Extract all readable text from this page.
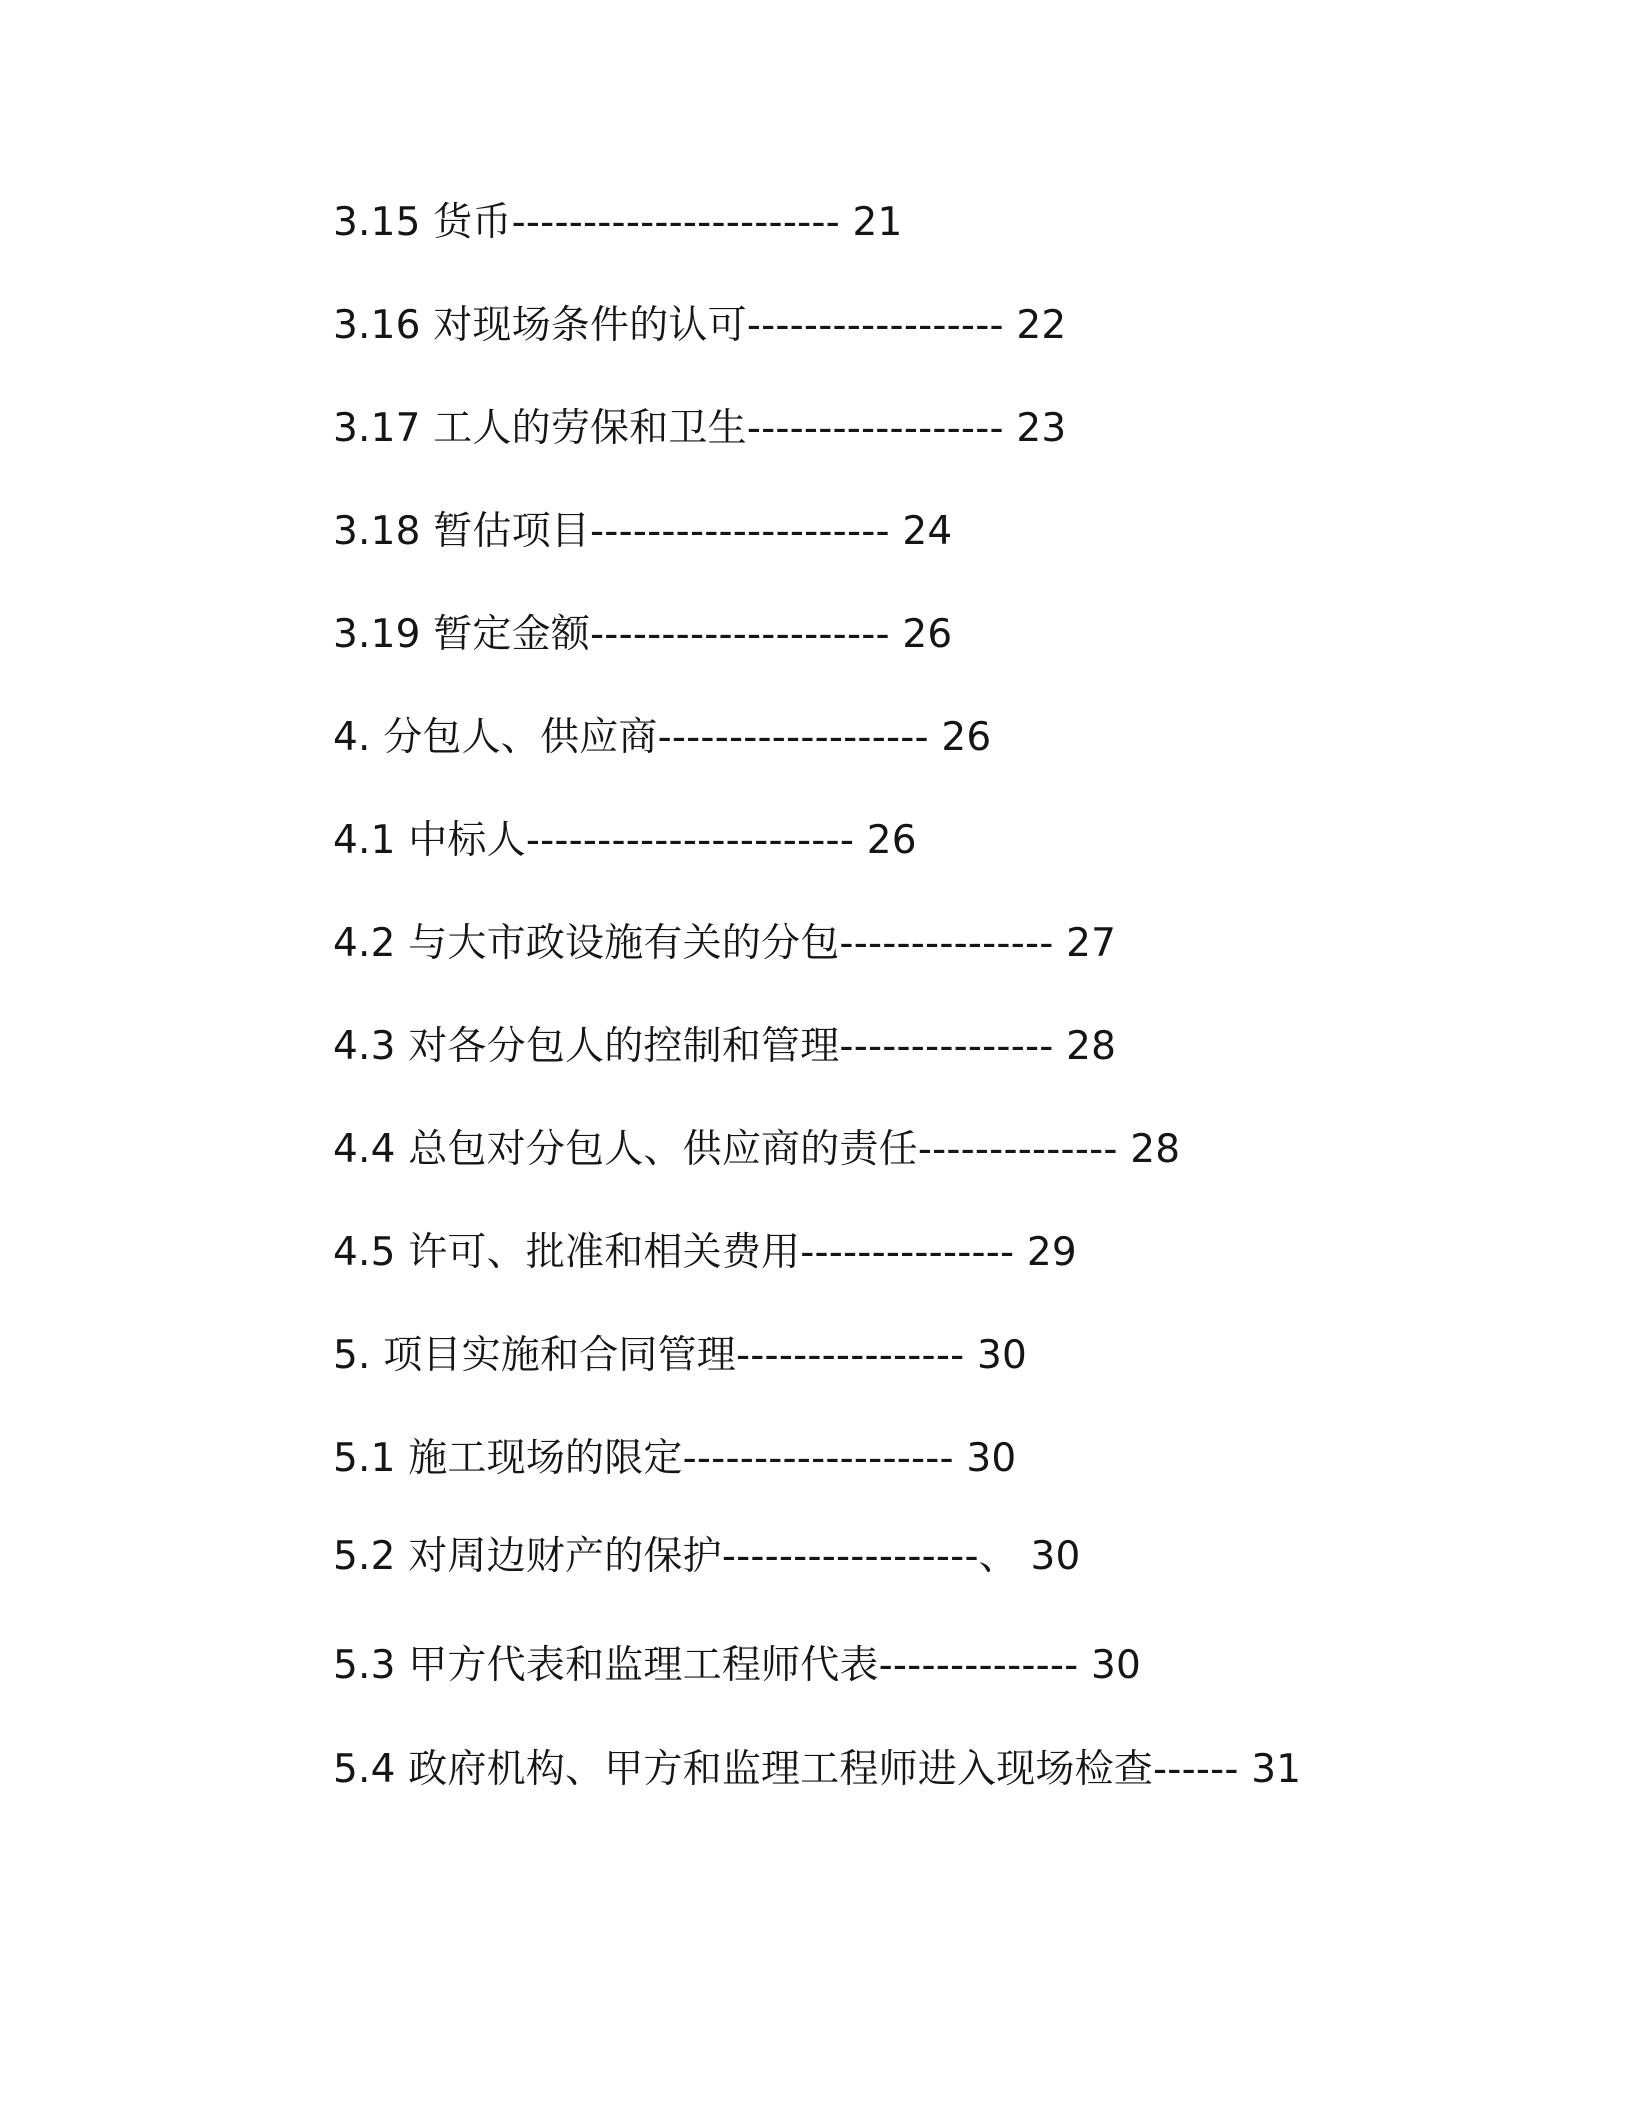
3.15 货币----------------------- 21
3.16 对现场条件的认可------------------ 22
3.17 工人的劳保和卫生------------------ 23
3.18 暂估项目--------------------- 24
3.19 暂定金额--------------------- 26
4. 分包人、供应商------------------- 26
4.1 中标人----------------------- 26
4.2 与大市政设施有关的分包--------------- 27
4.3 对各分包人的控制和管理--------------- 28
4.4 总包对分包人、供应商的责任-------------- 28
4.5 许可、批准和相关费用--------------- 29
5. 项目实施和合同管理---------------- 30
5.1 施工现场的限定------------------- 30
5.2 对周边财产的保护------------------、 30
5.3 甲方代表和监理工程师代表-------------- 30
5.4 政府机构、甲方和监理工程师进入现场检查------ 31
